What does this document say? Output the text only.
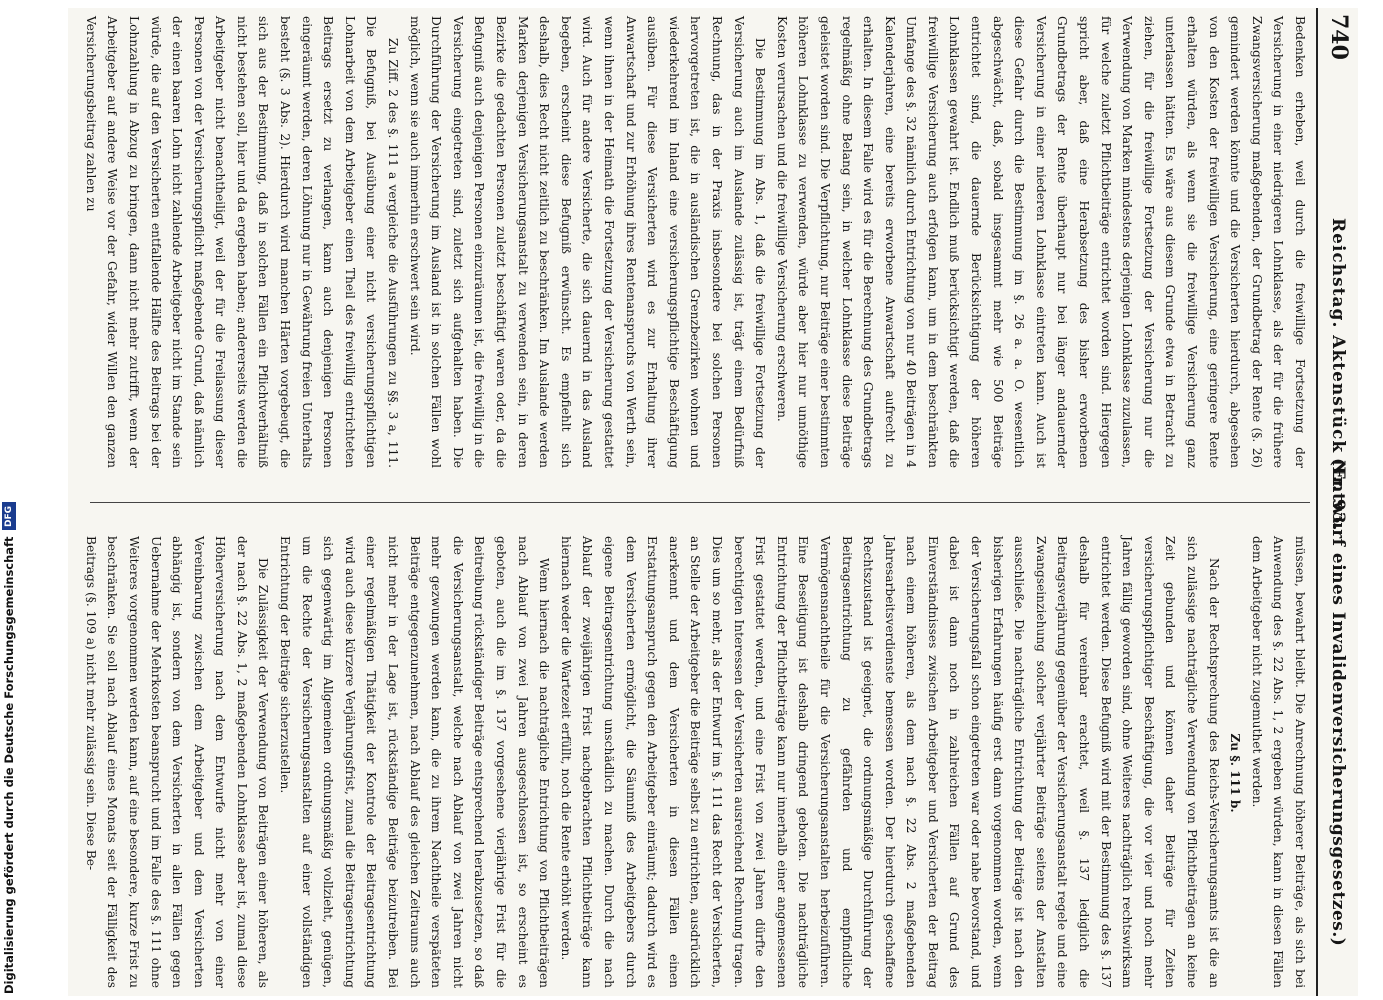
740
Reichstag. Aktenstück Nr. 93.
(Entwurf eines Invalidenversicherungsgesetzes.)

Bedenken erheben, weil durch die freiwillige Fortsetzung der Versicherung in einer niedrigeren Lohnklasse, als der für die frühere Zwangsversicherung maßgebenden, der Grundbetrag der Rente (§. 26) gemindert werden könnte und die Versicherten hierdurch, abgesehen von den Kosten der freiwilligen Versicherung, eine geringere Rente erhalten würden, als wenn sie die freiwillige Versicherung ganz unterlassen hätten. Es wäre aus diesem Grunde etwa in Betracht zu ziehen, für die freiwillige Fortsetzung der Versicherung nur die Verwendung von Marken mindestens derjenigen Lohnklasse zuzulassen, für welche zuletzt Pflichtbeiträge entrichtet worden sind. Hiergegen spricht aber, daß eine Herabsetzung des bisher erworbenen Grundbetrags der Rente überhaupt nur bei länger andauernder Versicherung in einer niederen Lohnklasse eintreten kann. Auch ist diese Gefahr durch die Bestimmung im §. 26 a. a. O. wesentlich abgeschwächt, daß, sobald insgesammt mehr wie 500 Beiträge entrichtet sind, die dauernde Berücksichtigung der höheren Lohnklassen gewahrt ist. Endlich muß berücksichtigt werden, daß die freiwillige Versicherung auch erfolgen kann, um in dem beschränkten Umfange des §. 32 nämlich durch Entrichtung von nur 40 Beiträgen in 4 Kalenderjahren, eine bereits erworbene Anwartschaft aufrecht zu erhalten. In diesem Falle wird es für die Berechnung des Grundbetrags regelmäßig ohne Belang sein, in welcher Lohnklasse diese Beiträge geleistet worden sind. Die Verpflichtung, nur Beiträge einer bestimmten höheren Lohnklasse zu verwenden, würde aber hier nur unnöthige Kosten verursachen und die freiwillige Versicherung erschweren.

Die Bestimmung im Abs. 1, daß die freiwillige Fortsetzung der Versicherung auch im Auslande zulässig ist, trägt einem Bedürfniß Rechnung, das in der Praxis insbesondere bei solchen Personen hervorgetreten ist, die in ausländischen Grenzbezirken wohnen und wiederkehrend im Inland eine versicherungspflichtige Beschäftigung ausüben. Für diese Versicherten wird es zur Erhaltung ihrer Anwartschaft und zur Erhöhung ihres Rentenanspruchs von Werth sein, wenn ihnen in der Heimath die Fortsetzung der Versicherung gestattet wird. Auch für andere Versicherte, die sich dauernd in das Ausland begeben, erscheint diese Befugniß erwünscht. Es empfiehlt sich deshalb, dies Recht nicht zeitlich zu beschränken. Im Auslande werden Marken derjenigen Versicherungsanstalt zu verwenden sein, in deren Bezirke die gedachten Personen zuletzt beschäftigt waren oder, da die Befugniß auch denjenigen Personen einzuräumen ist, die freiwillig in die Versicherung eingetreten sind, zuletzt sich aufgehalten haben. Die Durchführung der Versicherung im Ausland ist in solchen Fällen wohl möglich, wenn sie auch immerhin erschwert sein wird.

Zu Ziff. 2 des §. 111 a vergleiche die Ausführungen zu §§. 3 a, 111. Die Befugniß, bei Ausübung einer nicht versicherungspflichtigen Lohnarbeit von dem Arbeitgeber einen Theil des freiwillig entrichteten Beitrags ersetzt zu verlangen, kann auch denjenigen Personen eingeräumt werden, deren Löhnung nur in Gewährung freien Unterhalts besteht (§. 3 Abs. 2). Hierdurch wird manchen Härten vorgebeugt, die sich aus der Bestimmung, daß in solchen Fällen ein Pflichtverhältniß nicht bestehen soll, hier und da ergeben haben; andererseits werden die Arbeitgeber nicht benachtheiligt, weil der für die Freilassung dieser Personen von der Versicherungspflicht maßgebende Grund, daß nämlich der einen baaren Lohn nicht zahlende Arbeitgeber nicht im Stande sein würde, die auf den Versicherten entfallende Hälfte des Beitrags bei der Lohnzahlung in Abzug zu bringen, dann nicht mehr zutrifft, wenn der Arbeitgeber auf andere Weise vor der Gefahr, wider Willen den ganzen Versicherungsbeitrag zahlen zu

müssen, bewahrt bleibt. Die Anrechnung höherer Beiträge, als sich bei Anwendung des §. 22 Abs. 1, 2 ergeben würden, kann in diesen Fällen dem Arbeitgeber nicht zugemuthet werden.

Zu §. 111 b.

Nach der Rechtsprechung des Reichs-Versicherungsamts ist die an sich zulässige nachträgliche Verwendung von Pflichtbeiträgen an keine Zeit gebunden und können daher Beiträge für Zeiten versicherungspflichtiger Beschäftigung, die vor vier und noch mehr Jahren fällig geworden sind, ohne Weiteres nachträglich rechtswirksam entrichtet werden. Diese Befugniß wird mit der Bestimmung des §. 137 deshalb für vereinbar erachtet, weil §. 137 lediglich die Beitragsverjährung gegenüber der Versicherungsanstalt regele und eine Zwangseinziehung solcher verjährter Beiträge seitens der Anstalten ausschließe. Die nachträgliche Entrichtung der Beiträge ist nach den bisherigen Erfahrungen häufig erst dann vorgenommen worden, wenn der Versicherungsfall schon eingetreten war oder nahe bevorstand, und dabei ist dann noch in zahlreichen Fällen auf Grund des Einverständnisses zwischen Arbeitgeber und Versicherten der Beitrag nach einem höheren, als dem nach §. 22 Abs. 2 maßgebenden Jahresarbeitsverdienste bemessen worden. Der hierdurch geschaffene Rechtszustand ist geeignet, die ordnungsmäßige Durchführung der Beitragsentrichtung zu gefährden und empfindliche Vermögensnachtheile für die Versicherungsanstalten herbeizuführen. Eine Beseitigung ist deshalb dringend geboten. Die nachträgliche Entrichtung der Pflichtbeiträge kann nur innerhalb einer angemessenen Frist gestattet werden, und eine Frist von zwei Jahren dürfte den berechtigten Interessen der Versicherten ausreichend Rechnung tragen. Dies um so mehr, als der Entwurf im §. 111 das Recht der Versicherten, an Stelle der Arbeitgeber die Beiträge selbst zu entrichten, ausdrücklich anerkennt und dem Versicherten in diesen Fällen einen Erstattungsanspruch gegen den Arbeitgeber einräumt; dadurch wird es dem Versicherten ermöglicht, die Säumniß des Arbeitgebers durch eigene Beitragsentrichtung unschädlich zu machen. Durch die nach Ablauf der zweijährigen Frist nachgebrachten Pflichtbeiträge kann hiernach weder die Wartezeit erfüllt, noch die Rente erhöht werden.

Wenn hiernach die nachträgliche Entrichtung von Pflichtbeiträgen nach Ablauf von zwei Jahren ausgeschlossen ist, so erscheint es geboten, auch die im §. 137 vorgesehene vierjährige Frist für die Beitreibung rückständiger Beiträge entsprechend herabzusetzen, so daß die Versicherungsanstalt, welche nach Ablauf von zwei Jahren nicht mehr gezwungen werden kann, die zu ihrem Nachtheile verspäteten Beiträge entgegenzunehmen, nach Ablauf des gleichen Zeitraums auch nicht mehr in der Lage ist, rückständige Beiträge beizutreiben. Bei einer regelmäßigen Thätigkeit der Kontrole der Beitragsentrichtung wird auch diese kürzere Verjährungsfrist, zumal die Beitragsentrichtung sich gegenwärtig im Allgemeinen ordnungsmäßig vollzieht, genügen, um die Rechte der Versicherungsanstalten auf einer vollständigen Entrichtung der Beiträge sicherzustellen.

Die Zulässigkeit der Verwendung von Beiträgen einer höheren, als der nach §. 22 Abs. 1, 2 maßgebenden Lohnklasse aber ist, zumal diese Höherversicherung nach dem Entwurfe nicht mehr von einer Vereinbarung zwischen dem Arbeitgeber und dem Versicherten abhängig ist, sondern von dem Versicherten in allen Fällen gegen Uebernahme der Mehrkosten beansprucht und im Falle des §. 111 ohne Weiteres vorgenommen werden kann, auf eine besondere, kurze Frist zu beschränken. Sie soll nach Ablauf eines Monats seit der Fälligkeit des Beitrags (§. 109 a) nicht mehr zulässig sein. Diese Be-

Digitalisierung gefördert durch die Deutsche Forschungsgemeinschaft
DFG
